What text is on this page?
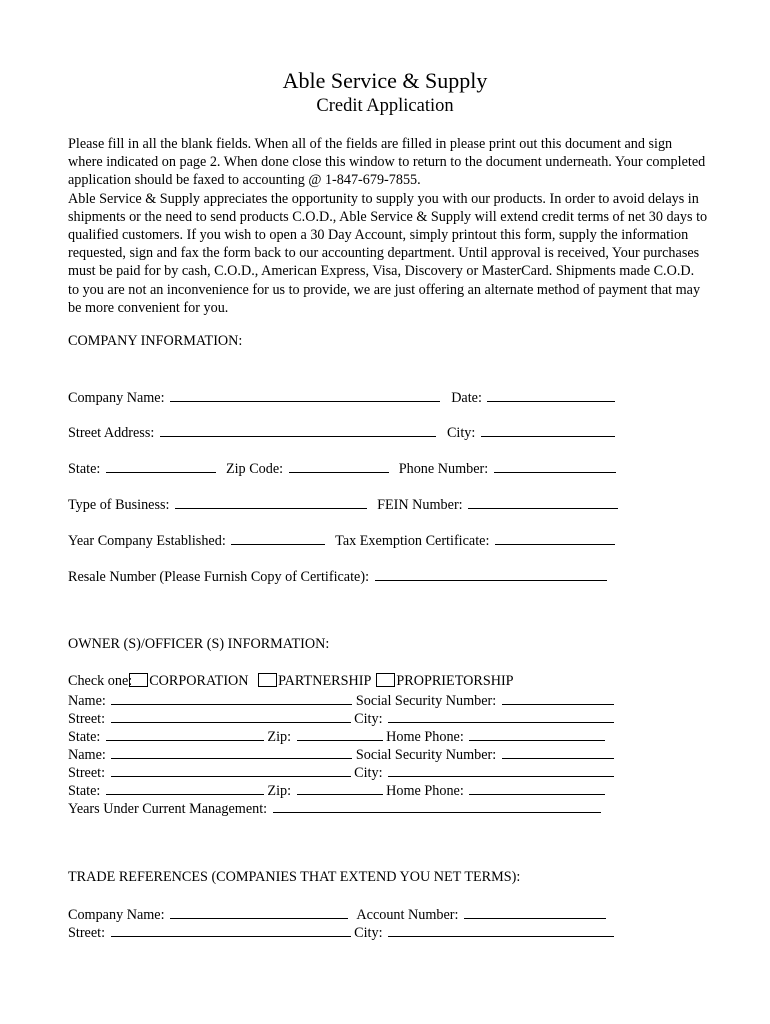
Able Service & Supply
Credit Application

Please fill in all the blank fields. When all of the fields are filled in please print out this document and sign where indicated on page 2. When done close this window to return to the document underneath. Your completed application should be faxed to accounting @ 1-847-679-7855.

Able Service & Supply appreciates the opportunity to supply you with our products. In order to avoid delays in shipments or the need to send products C.O.D., Able Service & Supply will extend credit terms of net 30 days to qualified customers. If you wish to open a 30 Day Account, simply printout this form, supply the information requested, sign and fax the form back to our accounting department. Until approval is received, Your purchases must be paid for by cash, C.O.D., American Express, Visa, Discovery or MasterCard. Shipments made C.O.D. to you are not an inconvenience for us to provide, we are just offering an alternate method of payment that may be more convenient for you.

COMPANY INFORMATION:
Company Name:	Date:
Street Address:	City:
State:	Zip Code:	Phone Number:
Type of Business:	FEIN Number:
Year Company Established:	Tax Exemption Certificate:
Resale Number (Please Furnish Copy of Certificate):
OWNER (S)/OFFICER (S) INFORMATION:
Check one: CORPORATION PARTNERSHIP PROPRIETORSHIP
Name:	Social Security Number:
Street:	City:
State:	Zip:	Home Phone:
Name:	Social Security Number:
Street:	City:
State:	Zip:	Home Phone:
Years Under Current Management:
TRADE REFERENCES (COMPANIES THAT EXTEND YOU NET TERMS):
Company Name:	Account Number:
Street:	City:
